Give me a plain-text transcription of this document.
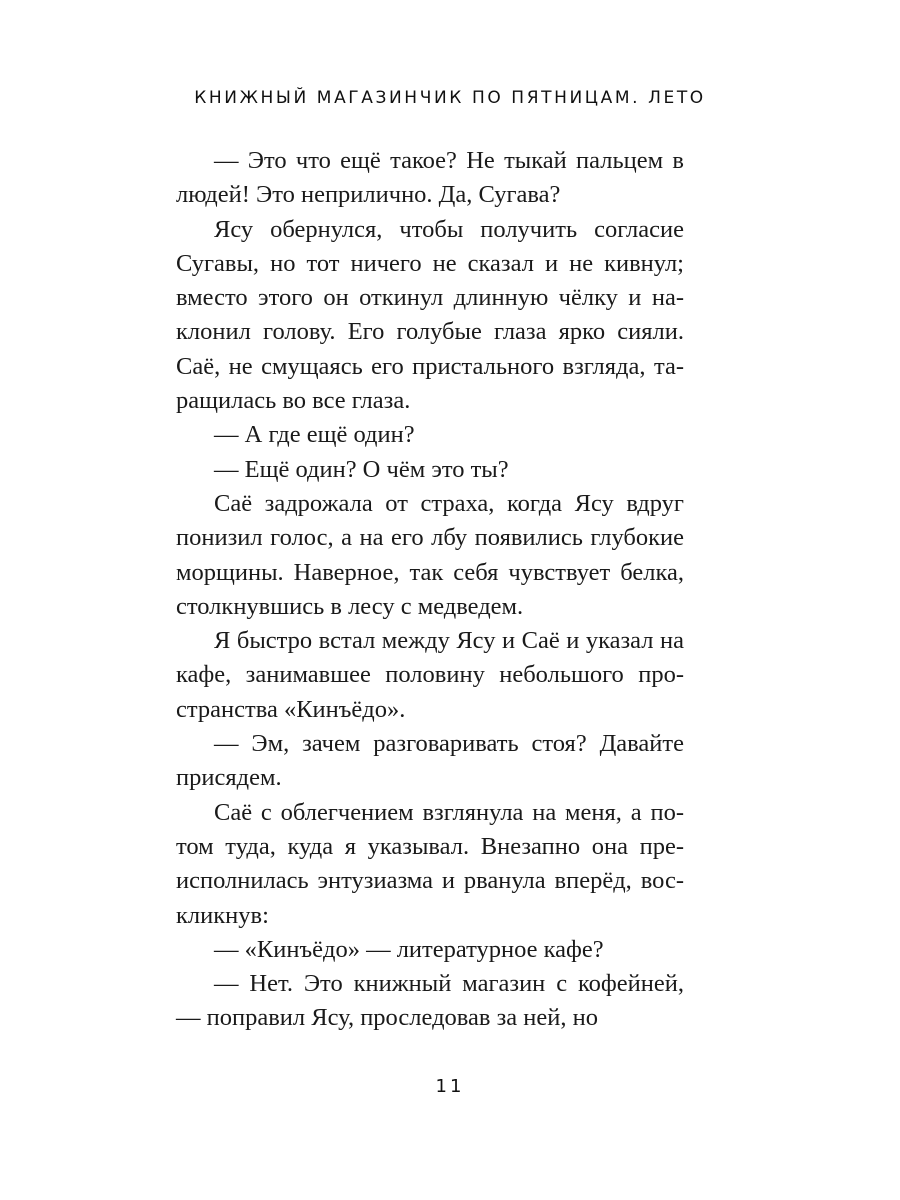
КНИЖНЫЙ МАГАЗИНЧИК ПО ПЯТНИЦАМ. ЛЕТО

— Это что ещё такое? Не тыкай пальцем в людей! Это неприлично. Да, Сугава?

Ясу обернулся, чтобы получить согласие Сугавы, но тот ничего не сказал и не кивнул; вместо этого он откинул длинную чёлку и наклонил голову. Его голубые глаза ярко сияли. Саё, не смущаясь его пристального взгляда, таращилась во все глаза.

— А где ещё один?

— Ещё один? О чём это ты?

Саё задрожала от страха, когда Ясу вдруг понизил голос, а на его лбу появились глубокие морщины. Наверное, так себя чувствует белка, столкнувшись в лесу с медведем.

Я быстро встал между Ясу и Саё и указал на кафе, занимавшее половину небольшого пространства «Кинъёдо».

— Эм, зачем разговаривать стоя? Давайте присядем.

Саё с облегчением взглянула на меня, а потом туда, куда я указывал. Внезапно она преисполнилась энтузиазма и рванула вперёд, воскликнув:

— «Кинъёдо» — литературное кафе?

— Нет. Это книжный магазин с кофейней, — поправил Ясу, проследовав за ней, но

11
